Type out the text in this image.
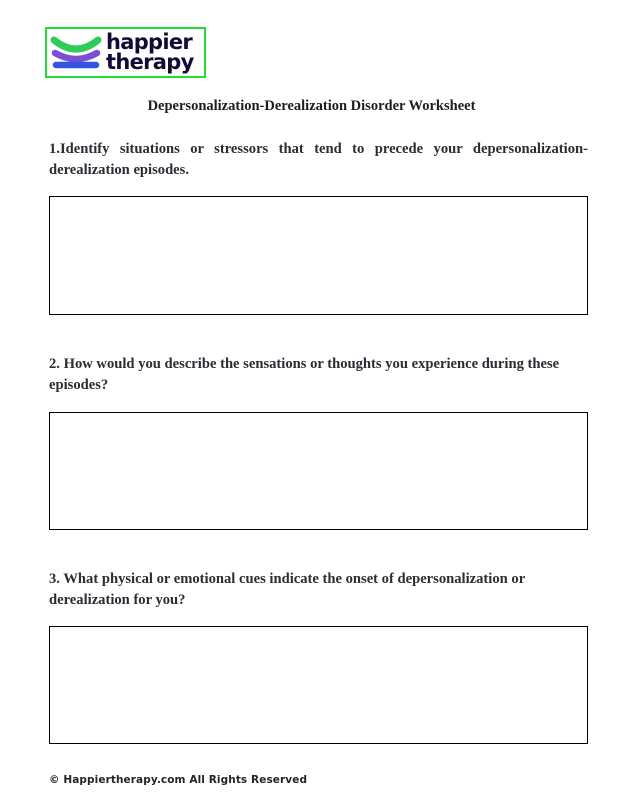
happier
therapy
Depersonalization-Derealization Disorder Worksheet
1.Identify situations or stressors that tend to precede your depersonalization-derealization episodes.
2. How would you describe the sensations or thoughts you experience during these episodes?
3. What physical or emotional cues indicate the onset of depersonalization or derealization for you?
© Happiertherapy.com All Rights Reserved
